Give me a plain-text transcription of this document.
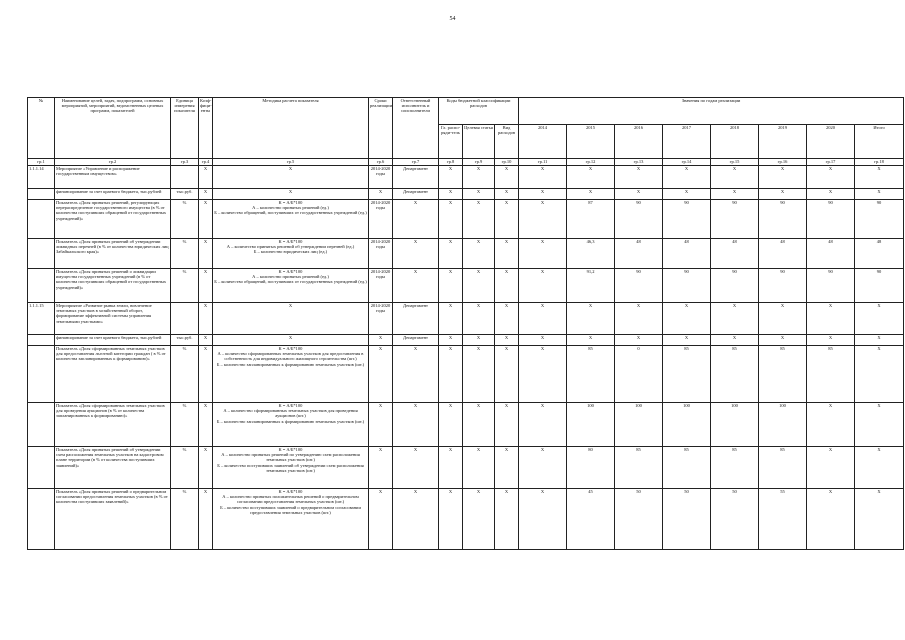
54
№	Наименование целей, задач, подпрограмм, основных мероприятий, мероприятий, ведомственных целевых программ, показателей	Единица измерения показателя	Коэф-фици-енты	Методика расчета показателя	Сроки реализации	Ответственный исполнитель и соисполнители	Коды бюджетной классификации расходов			Значения по годам реализации							
							Гл. распо-ряди-тель	Целевая статья	Вид расходов	2014	2015	2016	2017	2018	2019	2020	Итого
гр.1	гр.2	гр.3	гр.4	гр.5	гр.6	гр.7	гр.8	гр.9	гр.10	гр.11	гр.12	гр.13	гр.14	гр.15	гр.16	гр.17	гр.18
1.1.1.14	Мероприятие «Управление и распоряжение государственным имуществом»		X	X	2014-2020 годы	Департамент	X	X	X	X	X	X	X	X	X	X	X
	финансирование за счет краевого бюджета, тыс.рублей	тыс.руб.	X	X	X	Департамент	X	X	X	X	X	X	X	X	X	X	X
	Показатель «Доля принятых решений, регулирующих перераспределение государственного имущества (в % от количества поступивших обращений от государственных учреждений)»	%	X	К = А/Б*100
А – количество принятых решений (ед.)
Б – количество обращений, поступивших от государственных учреждений (ед.)	2014-2020 годы	X	X	X	X	X	87	90	90	90	90	90	90
	Показатель «Доля принятых решений об утверждении ликвидных перечней (в % от количества юридических лиц Забайкальского края)»	%	X	К = А/Б*100
А – количество принятых решений об утверждении перечней (ед.)
Б – количество юридических лиц (ед.)	2014-2020 годы	X	X	X	X	X	46,3	48	48	48	48	48	48
	Показатель «Доля принятых решений о ликвидации имущества государственных учреждений (в % от количества поступивших обращений от государственных учреждений)»	%	X	К = А/Б*100
А – количество принятых решений (ед.)
Б – количество обращений, поступивших от государственных учреждений (ед.)	2014-2020 годы	X	X	X	X	X	91,2	90	90	90	90	90	90
1.1.1.15	Мероприятие «Развитие рынка земли, вовлечение земельных участков в хозяйственный оборот, формирование эффективной системы управления земельными участками»		X	X	2014-2020 годы	Департамент	X	X	X	X	X	X	X	X	X	X	X
	финансирование за счет краевого бюджета, тыс.рублей	тыс.руб.	X	X	X	Департамент	X	X	X	X	X	X	X	X	X	X	X
	Показатель «Доля сформированных земельных участков для предоставления льготной категории граждан ( в % от количества запланированных к формированию)»	%	X	К = А/Б*100
А – количество сформированных земельных участков для предоставления в собственность для индивидуального жилищного строительства (шт.)
Б – количество запланированных к формированию земельных участков (шт.)	X	X	X	X	X	X	85	0	85	85	85	85	X
	Показатель «Доля сформированных земельных участков для проведения аукционов (в % от количества запланированных к формированию)»	%	X	К = А/Б*100
А – количество сформированных земельных участков для проведения аукционов (шт.)
Б – количество запланированных к формированию земельных участков (шт.)	X	X	X	X	X	X	100	100	100	100	100	X	X
	Показатель «Доля принятых решений об утверждении схем расположения земельных участков на кадастровом плане территории (в % от количества поступивших заявлений)»	%	X	К = А/Б*100
А – количество принятых решений по утверждению схем расположения земельных участков (шт.)
Б – количество поступивших заявлений об утверждении схем расположения земельных участков (шт.)	X	X	X	X	X	X	80	85	85	85	85	X	X
	Показатель «Доля принятых решений о предварительном согласовании предоставления земельных участков (в % от количества поступивших заявлений)»	%	X	К = А/Б*100
А – количество принятых положительных решений о предварительном согласовании предоставления земельных участков (шт.)
Б – количество поступивших заявлений о предварительном согласовании предоставления земельных участков (шт.)	X	X	X	X	X	X	45	50	50	50	55	X	X
